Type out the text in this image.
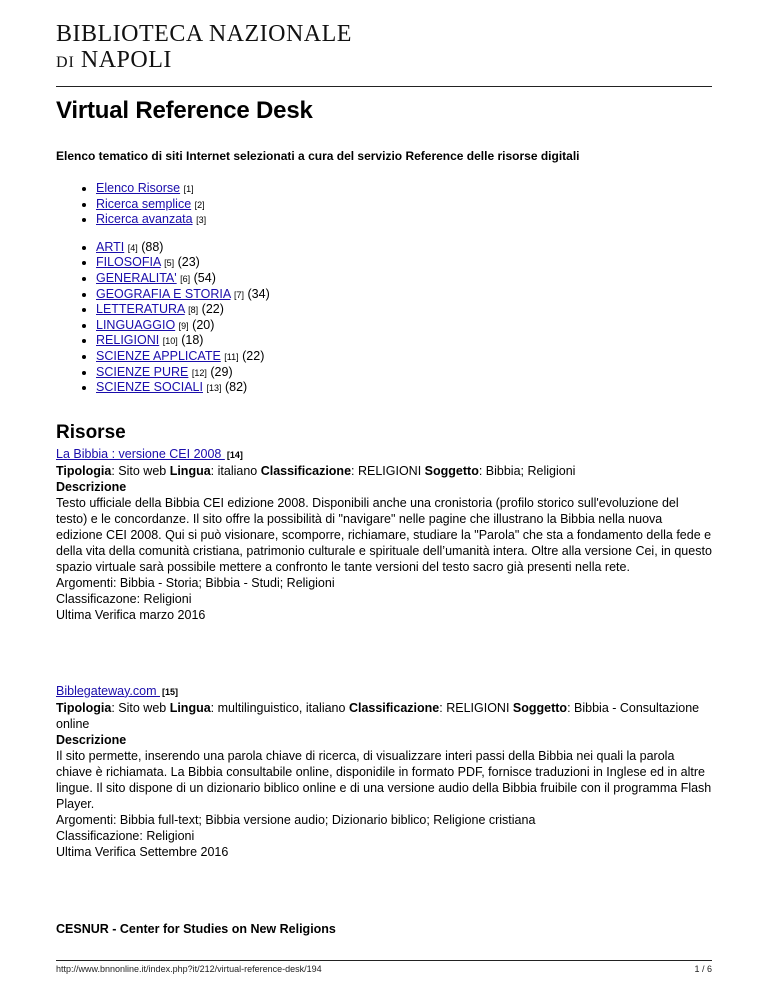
BIBLIOTECA NAZIONALE
DI NAPOLI
Virtual Reference Desk
Elenco tematico di siti Internet selezionati a cura del servizio Reference delle risorse digitali
• Elenco Risorse [1]
• Ricerca semplice [2]
• Ricerca avanzata [3]
• ARTI [4] (88)
• FILOSOFIA [5] (23)
• GENERALITA' [6] (54)
• GEOGRAFIA E STORIA [7] (34)
• LETTERATURA [8] (22)
• LINGUAGGIO [9] (20)
• RELIGIONI [10] (18)
• SCIENZE APPLICATE [11] (22)
• SCIENZE PURE [12] (29)
• SCIENZE SOCIALI [13] (82)
Risorse
La Bibbia : versione CEI 2008 [14]

Tipologia: Sito web Lingua: italiano Classificazione: RELIGIONI Soggetto: Bibbia; Religioni

Descrizione

Testo ufficiale della Bibbia CEI edizione 2008. Disponibili anche una cronistoria (profilo storico sull'evoluzione del testo) e le concordanze. Il sito offre la possibilità di "navigare" nelle pagine che illustrano la Bibbia nella nuova edizione CEI 2008. Qui si può visionare, scomporre, richiamare, studiare la "Parola" che sta a fondamento della fede e della vita della comunità cristiana, patrimonio culturale e spirituale dell’umanità intera. Oltre alla versione Cei, in questo spazio virtuale sarà possibile mettere a confronto le tante versioni del testo sacro già presenti nella rete.

Argomenti: Bibbia - Storia; Bibbia - Studi; Religioni

Classificazone: Religioni

Ultima Verifica marzo 2016

Biblegateway.com [15]

Tipologia: Sito web Lingua: multilinguistico, italiano Classificazione: RELIGIONI Soggetto: Bibbia - Consultazione online

Descrizione

Il sito permette, inserendo una parola chiave di ricerca, di visualizzare interi passi della Bibbia nei quali la parola chiave è richiamata. La Bibbia consultabile online, disponidile in formato PDF, fornisce traduzioni in Inglese ed in altre lingue. Il sito dispone di un dizionario biblico online e di una versione audio della Bibbia fruibile con il programma Flash Player.

Argomenti: Bibbia full-text; Bibbia versione audio; Dizionario biblico; Religione cristiana

Classificazione: Religioni

Ultima Verifica Settembre 2016

CESNUR - Center for Studies on New Religions
http://www.bnnonline.it/index.php?it/212/virtual-reference-desk/194	1 / 6
